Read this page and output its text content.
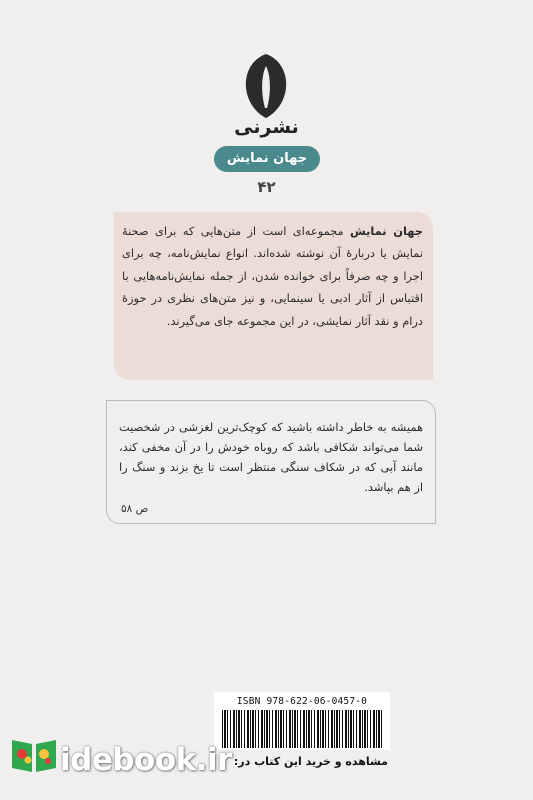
نشرنی
جهان نمایش
۴۲

جهان نمایش مجموعه‌ای است از متن‌هایی که برای صحنهٔ نمایش یا دربارهٔ آن نوشته شده‌اند. انواع نمایش‌نامه، چه برای اجرا و چه صرفاً برای خوانده شدن، از جمله نمایش‌نامه‌هایی با اقتباس از آثار ادبی یا سینمایی، و نیز متن‌های نظری در حوزهٔ درام و نقد آثار نمایشی، در این مجموعه جای می‌گیرند.

همیشه به خاطر داشته باشید که کوچک‌ترین لغزشی در شخصیت شما می‌تواند شکافی باشد که روباه خودش را در آن مخفی کند، مانند آبی که در شکاف سنگی منتظر است تا یخ بزند و سنگ را از هم بپاشد.

ص ۵۸
ISBN 978-622-06-0457-0
مشاهده و خرید این کتاب در:
idebook.ir
